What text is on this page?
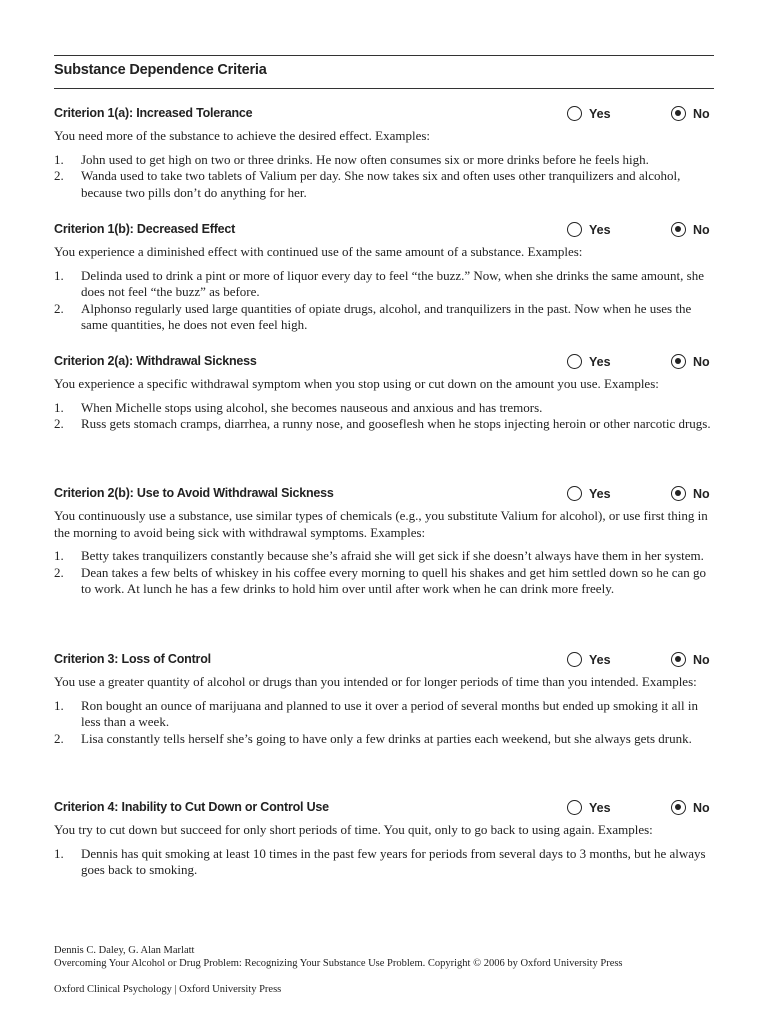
Substance Dependence Criteria
Criterion 1(a): Increased Tolerance	Yes	No
You need more of the substance to achieve the desired effect. Examples:
1. John used to get high on two or three drinks. He now often consumes six or more drinks before he feels high.
2. Wanda used to take two tablets of Valium per day. She now takes six and often uses other tranquilizers and alcohol, because two pills don’t do anything for her.
Criterion 1(b): Decreased Effect	Yes	No
You experience a diminished effect with continued use of the same amount of a substance. Examples:
1. Delinda used to drink a pint or more of liquor every day to feel “the buzz.” Now, when she drinks the same amount, she does not feel “the buzz” as before.
2. Alphonso regularly used large quantities of opiate drugs, alcohol, and tranquilizers in the past. Now when he uses the same quantities, he does not even feel high.
Criterion 2(a): Withdrawal Sickness	Yes	No
You experience a specific withdrawal symptom when you stop using or cut down on the amount you use. Examples:
1. When Michelle stops using alcohol, she becomes nauseous and anxious and has tremors.
2. Russ gets stomach cramps, diarrhea, a runny nose, and gooseflesh when he stops injecting heroin or other narcotic drugs.
Criterion 2(b): Use to Avoid Withdrawal Sickness	Yes	No
You continuously use a substance, use similar types of chemicals (e.g., you substitute Valium for alcohol), or use first thing in the morning to avoid being sick with withdrawal symptoms. Examples:
1. Betty takes tranquilizers constantly because she’s afraid she will get sick if she doesn’t always have them in her system.
2. Dean takes a few belts of whiskey in his coffee every morning to quell his shakes and get him settled down so he can go to work. At lunch he has a few drinks to hold him over until after work when he can drink more freely.
Criterion 3: Loss of Control	Yes	No
You use a greater quantity of alcohol or drugs than you intended or for longer periods of time than you intended. Examples:
1. Ron bought an ounce of marijuana and planned to use it over a period of several months but ended up smoking it all in less than a week.
2. Lisa constantly tells herself she’s going to have only a few drinks at parties each weekend, but she always gets drunk.
Criterion 4: Inability to Cut Down or Control Use	Yes	No
You try to cut down but succeed for only short periods of time. You quit, only to go back to using again. Examples:
1. Dennis has quit smoking at least 10 times in the past few years for periods from several days to 3 months, but he always goes back to smoking.
Dennis C. Daley, G. Alan Marlatt
Overcoming Your Alcohol or Drug Problem: Recognizing Your Substance Use Problem. Copyright © 2006 by Oxford University Press
Oxford Clinical Psychology | Oxford University Press
